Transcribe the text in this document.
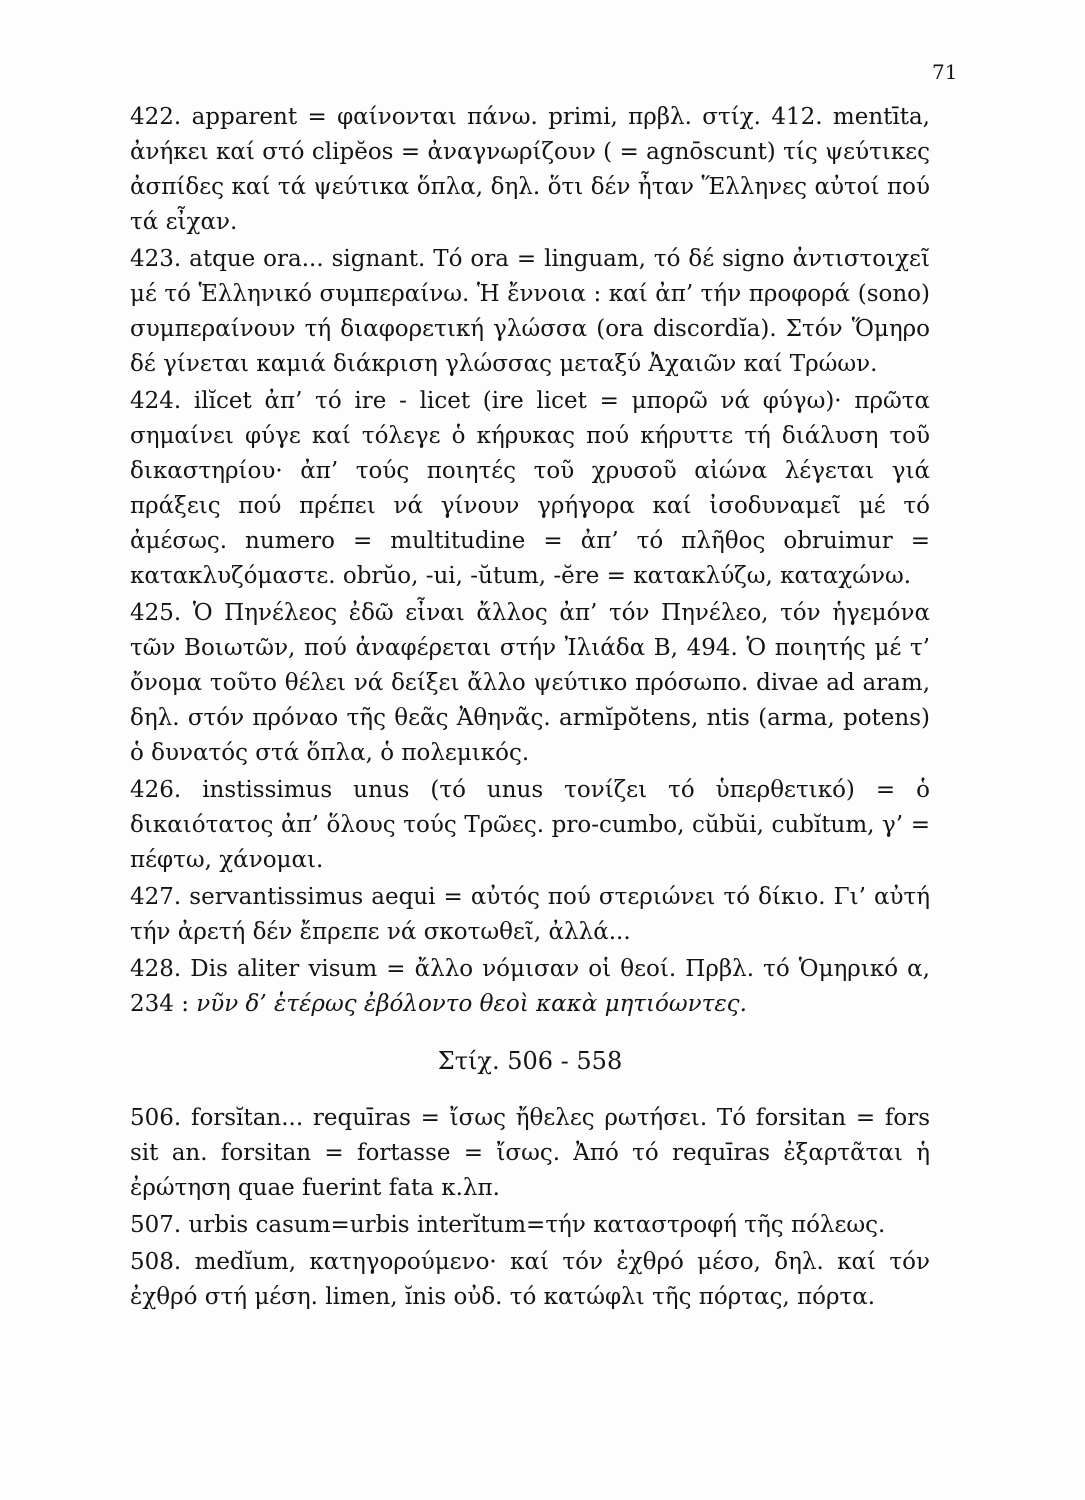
71

422. apparent = φαίνονται πάνω. primi, πρβλ. στίχ. 412. mentīta, ἀνήκει καί στό clipĕos = ἀναγνωρίζουν ( = agnōscunt) τίς ψεύτικες ἀσπίδες καί τά ψεύτικα ὅπλα, δηλ. ὅτι δέν ἦταν Ἕλληνες αὐτοί πού τά εἶχαν.

423. atque ora... signant. Τό ora = linguam, τό δέ signo ἀντιστοιχεῖ μέ τό Ἑλληνικό συμπεραίνω. Ἡ ἔννοια : καί ἀπ’ τήν προφορά (sono) συμπεραίνουν τή διαφορετική γλώσσα (ora discordĭa). Στόν Ὅμηρο δέ γίνεται καμιά διάκριση γλώσσας μεταξύ Ἀχαιῶν καί Τρώων.

424. ilĭcet ἀπ’ τό ire - licet (ire licet = μπορῶ νά φύγω)· πρῶτα σημαίνει φύγε καί τόλεγε ὁ κήρυκας πού κήρυττε τή διάλυση τοῦ δικαστηρίου· ἀπ’ τούς ποιητές τοῦ χρυσοῦ αἰώνα λέγεται γιά πράξεις πού πρέπει νά γίνουν γρήγορα καί ἰσοδυναμεῖ μέ τό ἀμέσως. numero = multitudine = ἀπ’ τό πλῆθος obruimur = κατακλυζόμαστε. obrŭo, -ui, -ŭtum, -ĕre = κατακλύζω, καταχώνω.

425. Ὁ Πηνέλεος ἐδῶ εἶναι ἄλλος ἀπ’ τόν Πηνέλεο, τόν ἡγεμόνα τῶν Βοιωτῶν, πού ἀναφέρεται στήν Ἰλιάδα Β, 494. Ὁ ποιητής μέ τ’ ὄνομα τοῦτο θέλει νά δείξει ἄλλο ψεύτικο πρόσωπο. divae ad aram, δηλ. στόν πρόναο τῆς θεᾶς Ἀθηνᾶς. armĭpŏtens, ntis (arma, potens) ὁ δυνατός στά ὅπλα, ὁ πολεμικός.

426. instissimus unus (τό unus τονίζει τό ὑπερθετικό) = ὁ δικαιότατος ἀπ’ ὅλους τούς Τρῶες. pro-cumbo, cŭbŭi, cubĭtum, γ’ = πέφτω, χάνομαι.

427. servantissimus aequi = αὐτός πού στεριώνει τό δίκιο. Γι’ αὐτή τήν ἀρετή δέν ἔπρεπε νά σκοτωθεῖ, ἀλλά...

428. Dis aliter visum = ἄλλο νόμισαν οἱ θεοί. Πρβλ. τό Ὁμηρικό α, 234 : νῦν δ’ ἑτέρως ἐβόλοντο θεοὶ κακὰ μητιόωντες.

Στίχ. 506 - 558

506. forsĭtan... requīras = ἴσως ἤθελες ρωτήσει. Τό forsitan = fors sit an. forsitan = fortasse = ἴσως. Ἀπό τό requīras ἐξαρτᾶται ἡ ἐρώτηση quae fuerint fata κ.λπ.

507. urbis casum=urbis interĭtum=τήν καταστροφή τῆς πόλεως.

508. medĭum, κατηγορούμενο· καί τόν ἐχθρό μέσο, δηλ. καί τόν ἐχθρό στή μέση. limen, ĭnis οὐδ. τό κατώφλι τῆς πόρτας, πόρτα.
